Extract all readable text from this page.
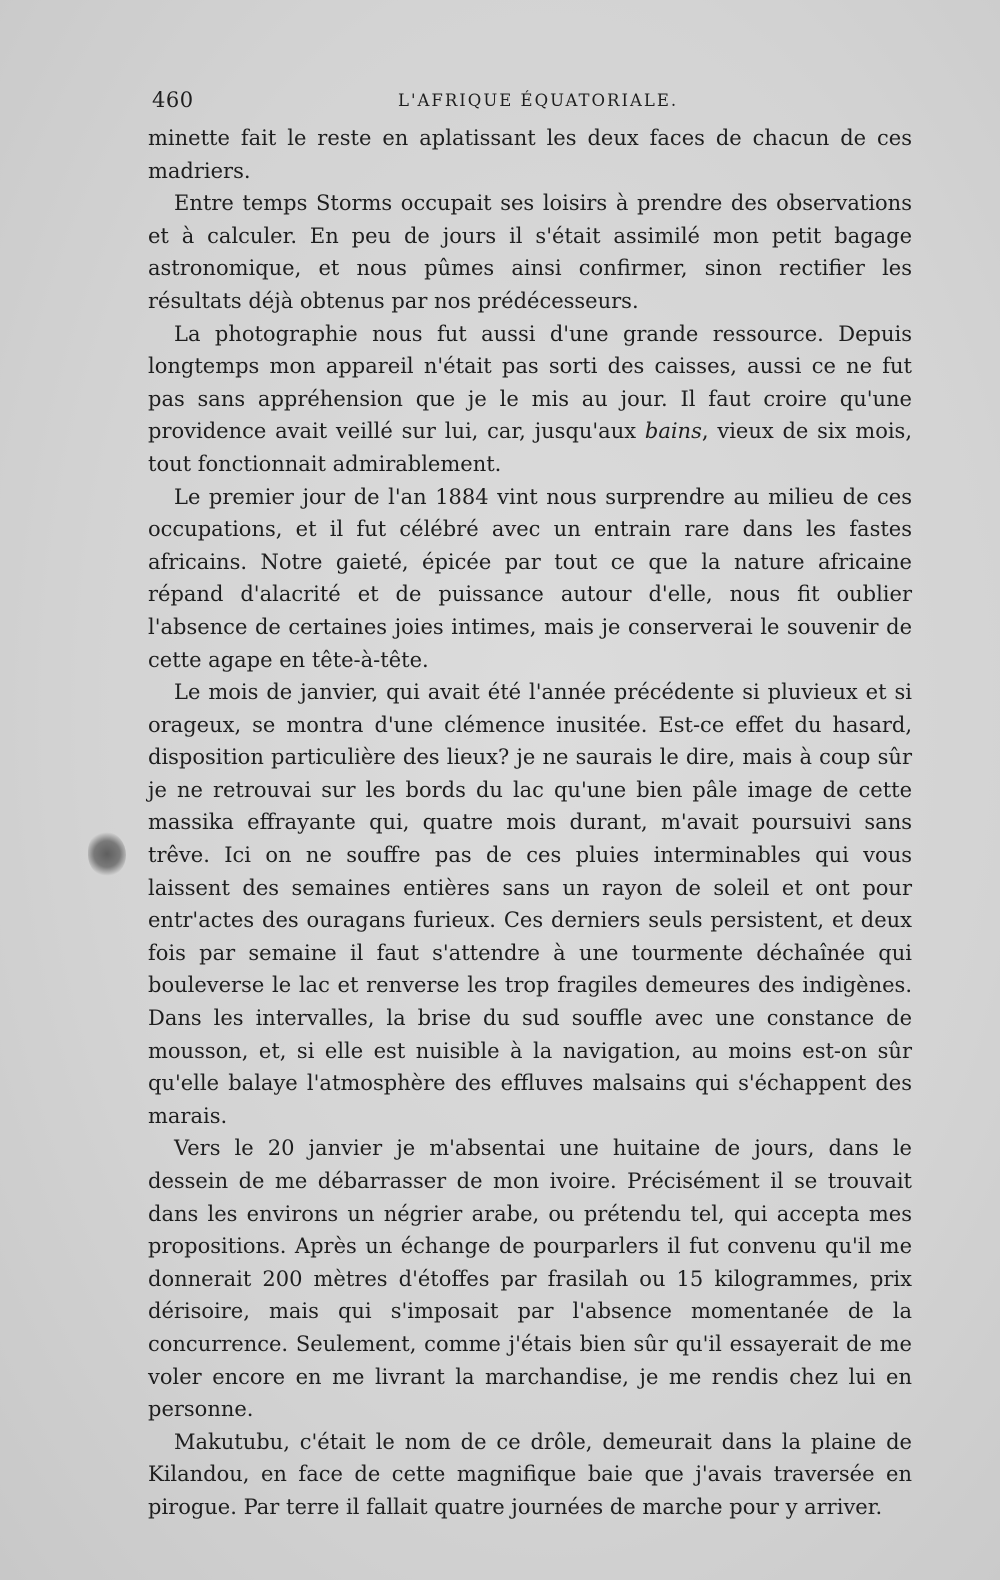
460	L'AFRIQUE ÉQUATORIALE.

minette fait le reste en aplatissant les deux faces de chacun de ces madriers.

Entre temps Storms occupait ses loisirs à prendre des observations et à calculer. En peu de jours il s'était assimilé mon petit bagage astronomique, et nous pûmes ainsi confirmer, sinon rectifier les résultats déjà obtenus par nos prédécesseurs.

La photographie nous fut aussi d'une grande ressource. Depuis longtemps mon appareil n'était pas sorti des caisses, aussi ce ne fut pas sans appréhension que je le mis au jour. Il faut croire qu'une providence avait veillé sur lui, car, jusqu'aux bains, vieux de six mois, tout fonctionnait admirablement.

Le premier jour de l'an 1884 vint nous surprendre au milieu de ces occupations, et il fut célébré avec un entrain rare dans les fastes africains. Notre gaieté, épicée par tout ce que la nature africaine répand d'alacrité et de puissance autour d'elle, nous fit oublier l'absence de certaines joies intimes, mais je conserverai le souvenir de cette agape en tête-à-tête.

Le mois de janvier, qui avait été l'année précédente si pluvieux et si orageux, se montra d'une clémence inusitée. Est-ce effet du hasard, disposition particulière des lieux? je ne saurais le dire, mais à coup sûr je ne retrouvai sur les bords du lac qu'une bien pâle image de cette massika effrayante qui, quatre mois durant, m'avait poursuivi sans trêve. Ici on ne souffre pas de ces pluies interminables qui vous laissent des semaines entières sans un rayon de soleil et ont pour entr'actes des ouragans furieux. Ces derniers seuls persistent, et deux fois par semaine il faut s'attendre à une tourmente déchaînée qui bouleverse le lac et renverse les trop fragiles demeures des indigènes. Dans les intervalles, la brise du sud souffle avec une constance de mousson, et, si elle est nuisible à la navigation, au moins est-on sûr qu'elle balaye l'atmosphère des effluves malsains qui s'échappent des marais.

Vers le 20 janvier je m'absentai une huitaine de jours, dans le dessein de me débarrasser de mon ivoire. Précisément il se trouvait dans les environs un négrier arabe, ou prétendu tel, qui accepta mes propositions. Après un échange de pourparlers il fut convenu qu'il me donnerait 200 mètres d'étoffes par frasilah ou 15 kilogrammes, prix dérisoire, mais qui s'imposait par l'absence momentanée de la concurrence. Seulement, comme j'étais bien sûr qu'il essayerait de me voler encore en me livrant la marchandise, je me rendis chez lui en personne.

Makutubu, c'était le nom de ce drôle, demeurait dans la plaine de Kilandou, en face de cette magnifique baie que j'avais traversée en pirogue. Par terre il fallait quatre journées de marche pour y arriver.
